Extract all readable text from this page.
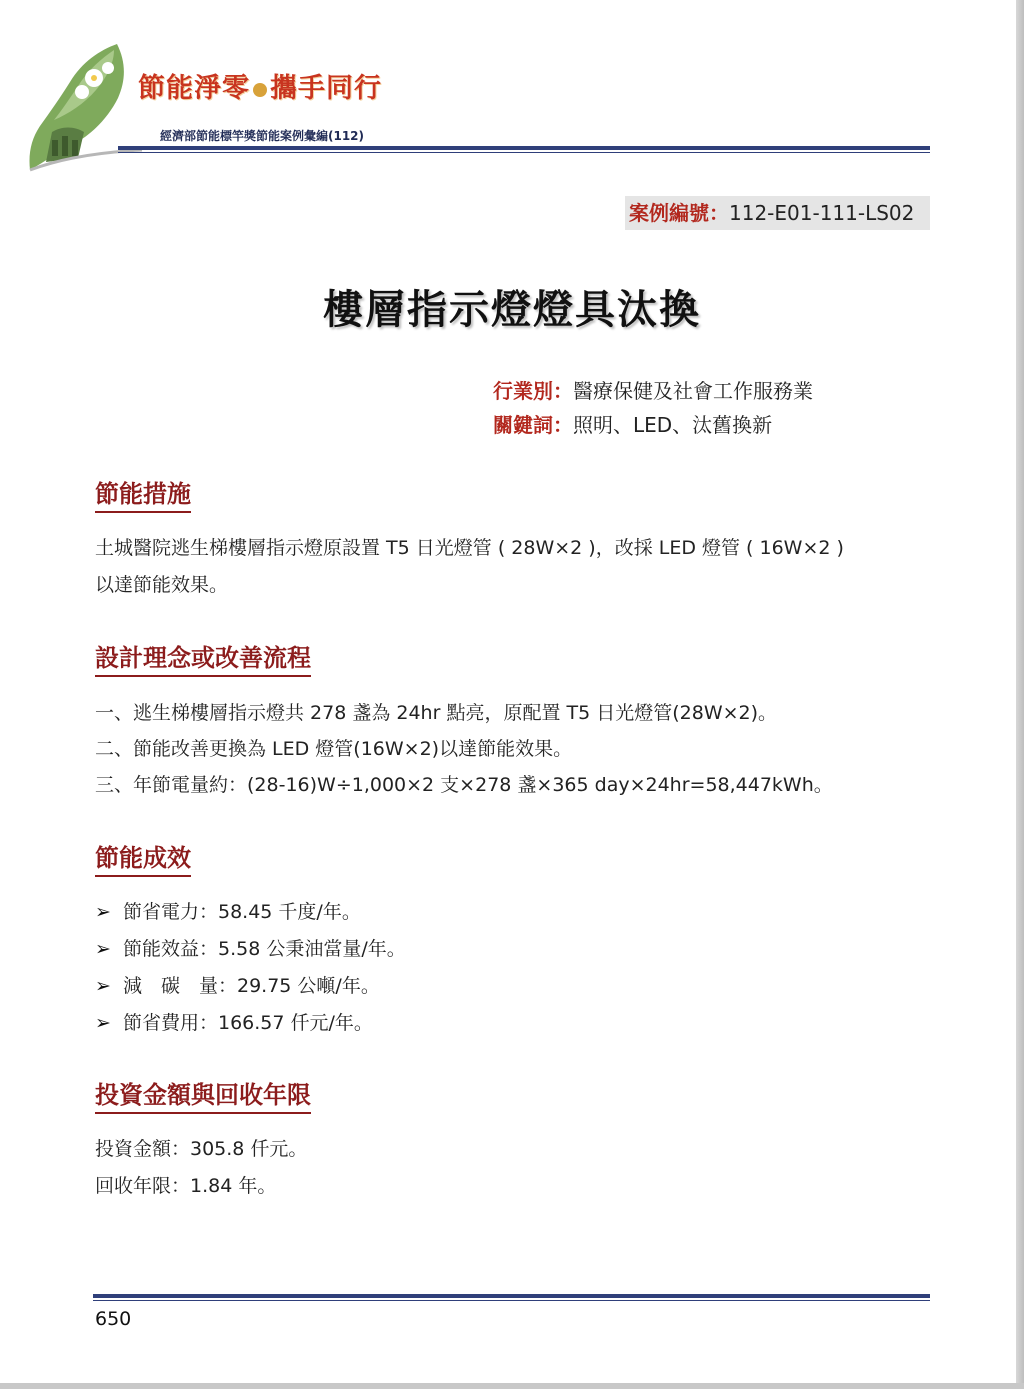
節能淨零 攜手同行
經濟部節能標竿獎節能案例彙編(112)
案例編號：112-E01-111-LS02
樓層指示燈燈具汰換
行業別：醫療保健及社會工作服務業
關鍵詞：照明、LED、汰舊換新
節能措施
土城醫院逃生梯樓層指示燈原設置 T5 日光燈管 ( 28W×2 )，改採 LED 燈管 ( 16W×2 )
以達節能效果。
設計理念或改善流程
一、逃生梯樓層指示燈共 278 盞為 24hr 點亮，原配置 T5 日光燈管(28W×2)。
二、節能改善更換為 LED 燈管(16W×2)以達節能效果。
三、年節電量約：(28-16)W÷1,000×2 支×278 盞×365 day×24hr=58,447kWh。
節能成效
➢ 節省電力：58.45 千度/年。
➢ 節能效益：5.58 公秉油當量/年。
➢ 減　碳　量：29.75 公噸/年。
➢ 節省費用：166.57 仟元/年。
投資金額與回收年限
投資金額：305.8 仟元。
回收年限：1.84 年。
650
